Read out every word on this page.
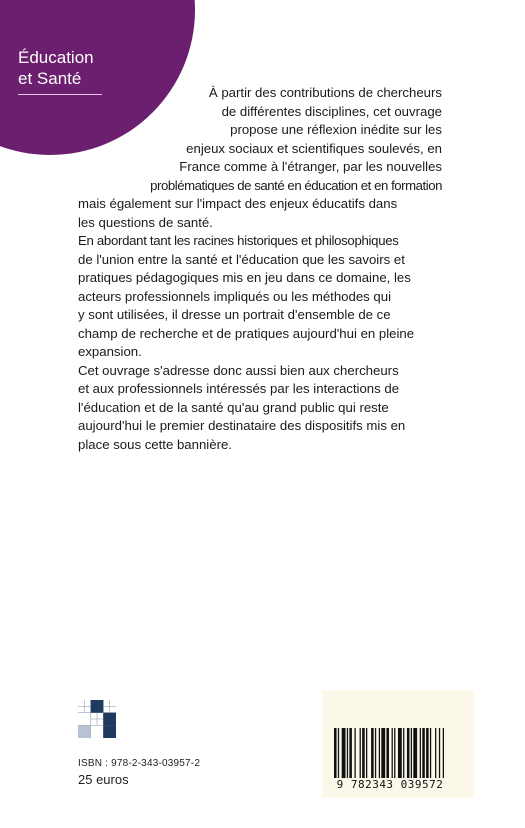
Éducation
et Santé
À partir des contributions de chercheurs
de différentes disciplines, cet ouvrage
propose une réflexion inédite sur les
enjeux sociaux et scientifiques soulevés, en
France comme à l'étranger, par les nouvelles
problématiques de santé en éducation et en formation
mais également sur l'impact des enjeux éducatifs dans
les questions de santé.
En abordant tant les racines historiques et philosophiques
de l'union entre la santé et l'éducation que les savoirs et
pratiques pédagogiques mis en jeu dans ce domaine, les
acteurs professionnels impliqués ou les méthodes qui
y sont utilisées, il dresse un portrait d'ensemble de ce
champ de recherche et de pratiques aujourd'hui en pleine
expansion.
Cet ouvrage s'adresse donc aussi bien aux chercheurs
et aux professionnels intéressés par les interactions de
l'éducation et de la santé qu'au grand public qui reste
aujourd'hui le premier destinataire des dispositifs mis en
place sous cette bannière.
ISBN : 978-2-343-03957-2
25 euros	9 782343 039572
